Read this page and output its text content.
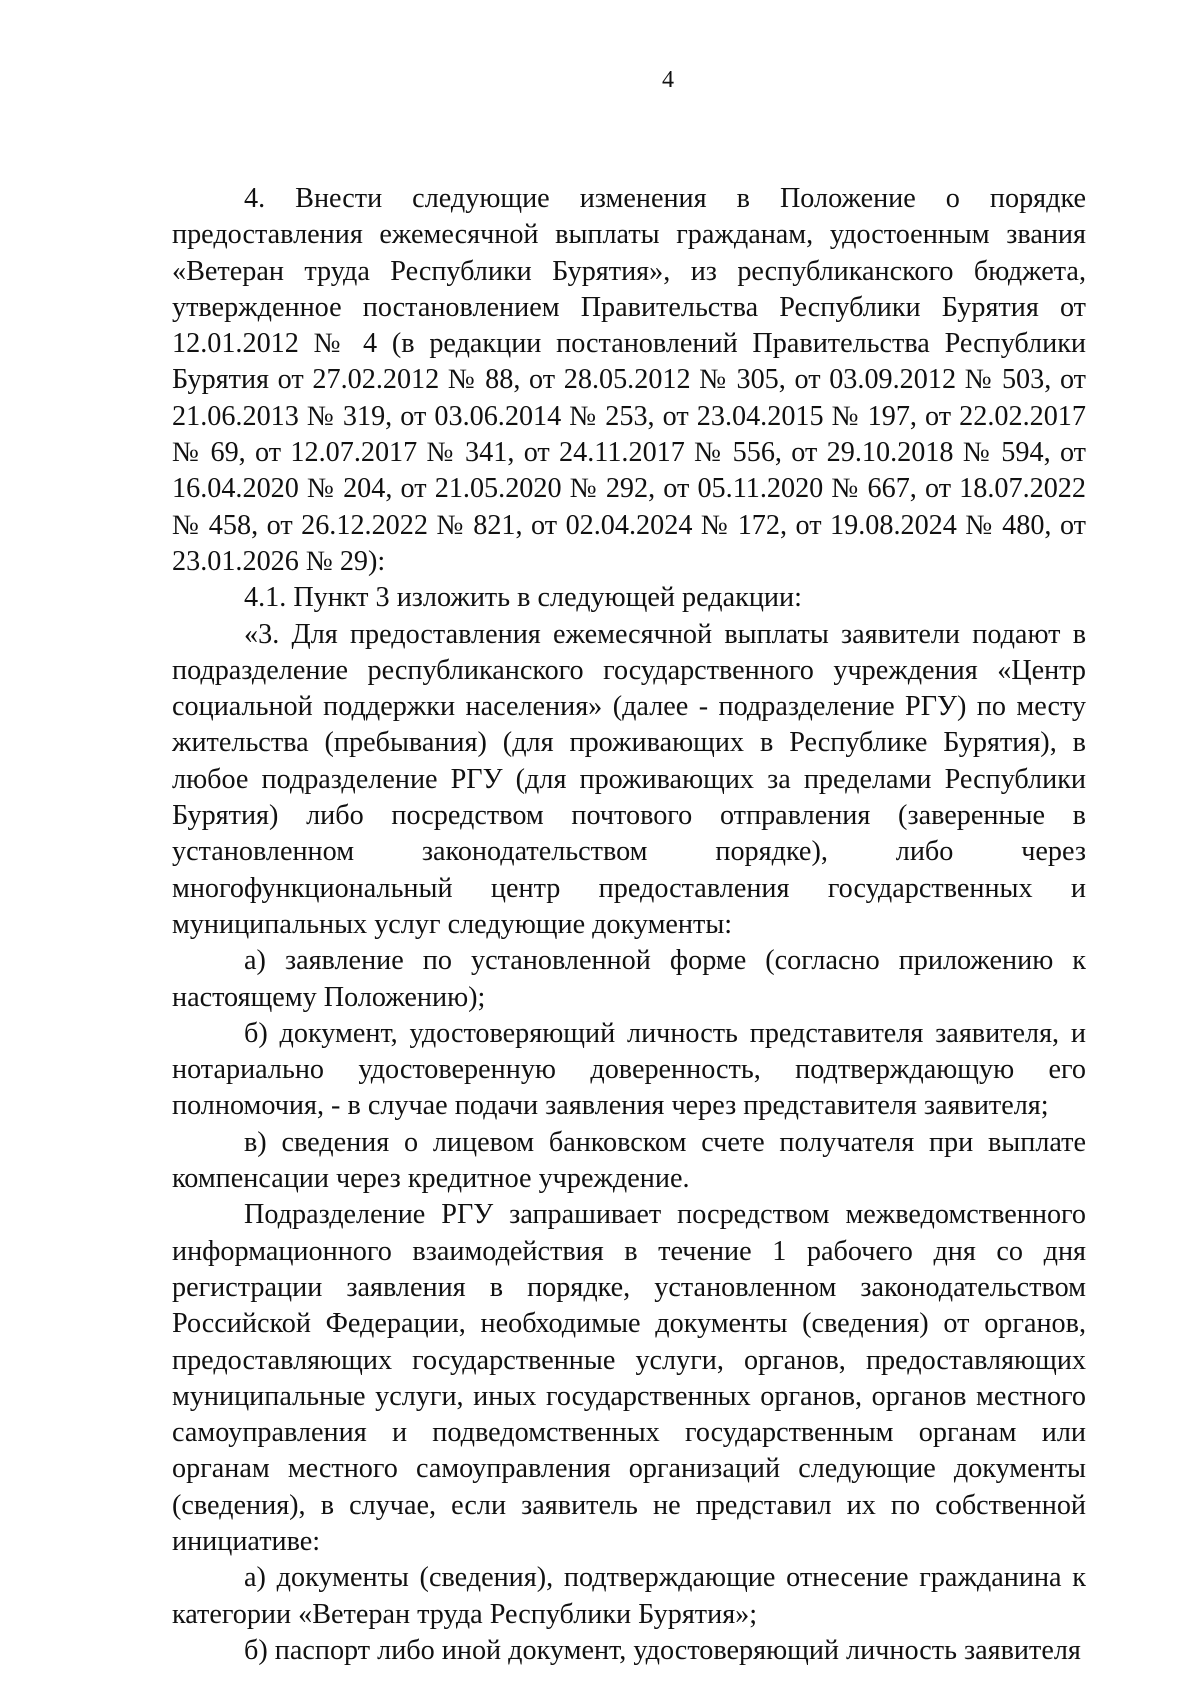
4

4. Внести следующие изменения в Положение о порядке предоставления ежемесячной выплаты гражданам, удостоенным звания «Ветеран труда Республики Бурятия», из республиканского бюджета, утвержденное постановлением Правительства Республики Бурятия от 12.01.2012 № 4 (в редакции постановлений Правительства Республики Бурятия от 27.02.2012 № 88, от 28.05.2012 № 305, от 03.09.2012 № 503, от 21.06.2013 № 319, от 03.06.2014 № 253, от 23.04.2015 № 197, от 22.02.2017 № 69, от 12.07.2017 № 341, от 24.11.2017 № 556, от 29.10.2018 № 594, от 16.04.2020 № 204, от 21.05.2020 № 292, от 05.11.2020 № 667, от 18.07.2022 № 458, от 26.12.2022 № 821, от 02.04.2024 № 172, от 19.08.2024 № 480, от 23.01.2026 № 29):

4.1. Пункт 3 изложить в следующей редакции:

«3. Для предоставления ежемесячной выплаты заявители подают в подразделение республиканского государственного учреждения «Центр социальной поддержки населения» (далее - подразделение РГУ) по месту жительства (пребывания) (для проживающих в Республике Бурятия), в любое подразделение РГУ (для проживающих за пределами Республики Бурятия) либо посредством почтового отправления (заверенные в установленном законодательством порядке), либо через многофункциональный центр предоставления государственных и муниципальных услуг следующие документы:

а) заявление по установленной форме (согласно приложению к настоящему Положению);

б) документ, удостоверяющий личность представителя заявителя, и нотариально удостоверенную доверенность, подтверждающую его полномочия, - в случае подачи заявления через представителя заявителя;

в) сведения о лицевом банковском счете получателя при выплате компенсации через кредитное учреждение.

Подразделение РГУ запрашивает посредством межведомственного информационного взаимодействия в течение 1 рабочего дня со дня регистрации заявления в порядке, установленном законодательством Российской Федерации, необходимые документы (сведения) от органов, предоставляющих государственные услуги, органов, предоставляющих муниципальные услуги, иных государственных органов, органов местного самоуправления и подведомственных государственным органам или органам местного самоуправления организаций следующие документы (сведения), в случае, если заявитель не представил их по собственной инициативе:

а) документы (сведения), подтверждающие отнесение гражданина к категории «Ветеран труда Республики Бурятия»;

б) паспорт либо иной документ, удостоверяющий личность заявителя
